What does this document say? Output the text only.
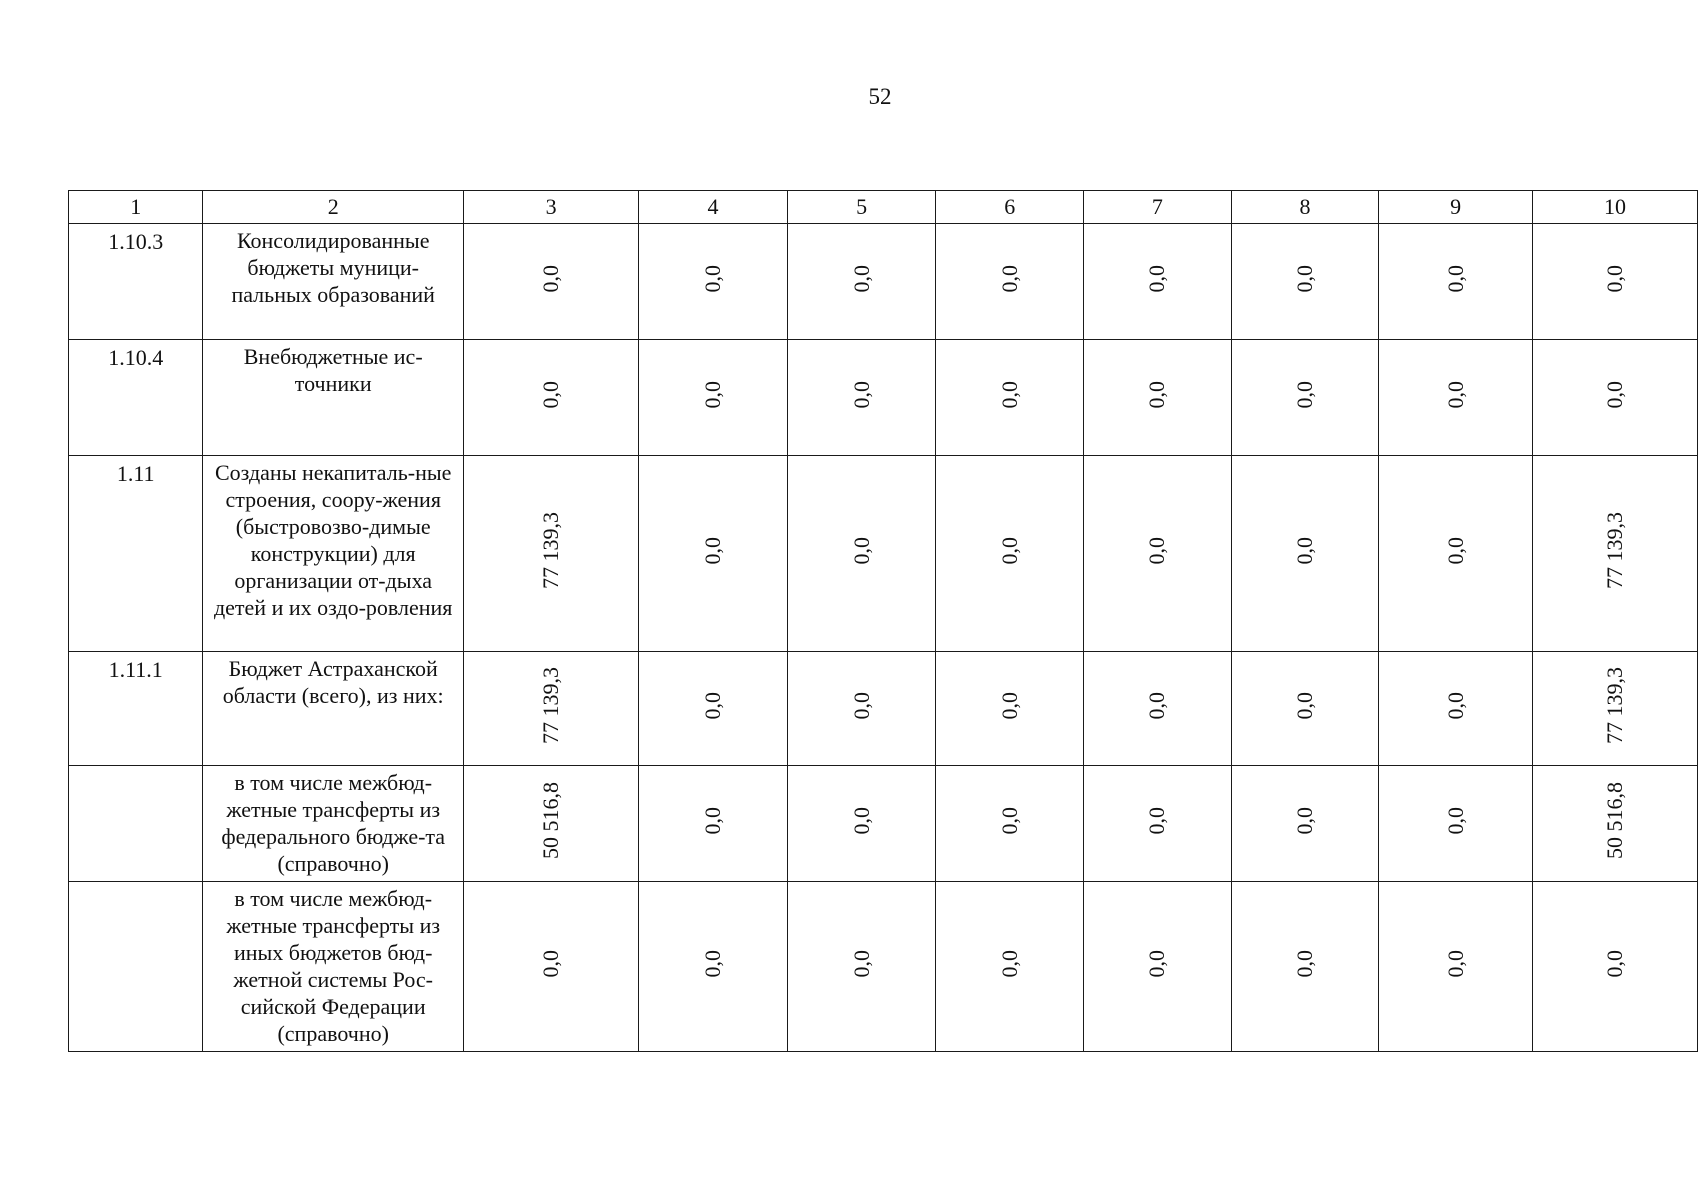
52
1	2	3	4	5	6	7	8	9	10
1.10.3	Консолидированные бюджеты муници-пальных образований	0,0	0,0	0,0	0,0	0,0	0,0	0,0	0,0
1.10.4	Внебюджетные ис-точники	0,0	0,0	0,0	0,0	0,0	0,0	0,0	0,0
1.11	Созданы некапиталь-ные строения, соору-жения (быстровозво-димые конструкции) для организации от-дыха детей и их оздо-ровления	77 139,3	0,0	0,0	0,0	0,0	0,0	0,0	77 139,3
1.11.1	Бюджет Астраханской области (всего), из них:	77 139,3	0,0	0,0	0,0	0,0	0,0	0,0	77 139,3
	в том числе межбюд-жетные трансферты из федерального бюдже-та (справочно)	50 516,8	0,0	0,0	0,0	0,0	0,0	0,0	50 516,8
	в том числе межбюд-жетные трансферты из иных бюджетов бюд-жетной системы Рос-сийской Федерации (справочно)	0,0	0,0	0,0	0,0	0,0	0,0	0,0	0,0
